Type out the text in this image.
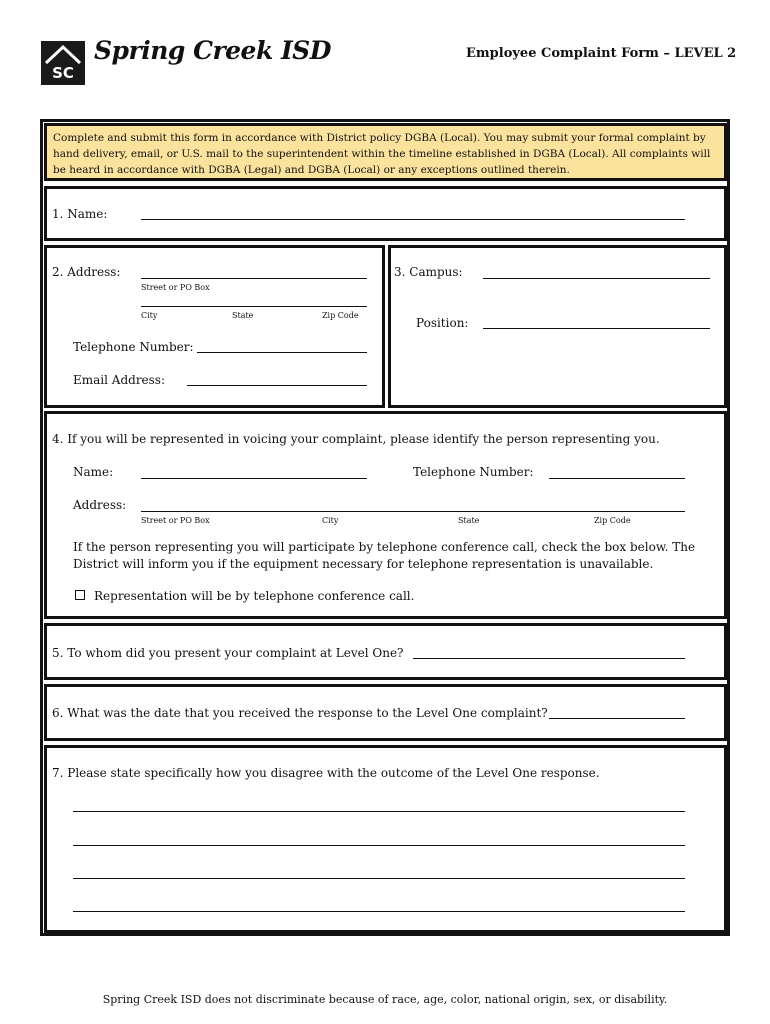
SC
Spring Creek ISD	Employee Complaint Form – LEVEL 2

Complete and submit this form in accordance with District policy DGBA (Local). You may submit your formal complaint by hand delivery, email, or U.S. mail to the superintendent within the timeline established in DGBA (Local). All complaints will be heard in accordance with DGBA (Legal) and DGBA (Local) or any exceptions outlined therein.

1. Name:
2. Address:
Street or PO Box
City	State	Zip Code
Telephone Number:
Email Address:
3. Campus:
Position:
4. If you will be represented in voicing your complaint, please identify the person representing you.
Name:	Telephone Number:
Address:
Street or PO Box	City	State	Zip Code
If the person representing you will participate by telephone conference call, check the box below. The
District will inform you if the equipment necessary for telephone representation is unavailable.
Representation will be by telephone conference call.
5. To whom did you present your complaint at Level One?
6. What was the date that you received the response to the Level One complaint?
7. Please state specifically how you disagree with the outcome of the Level One response.
Spring Creek ISD does not discriminate because of race, age, color, national origin, sex, or disability.
